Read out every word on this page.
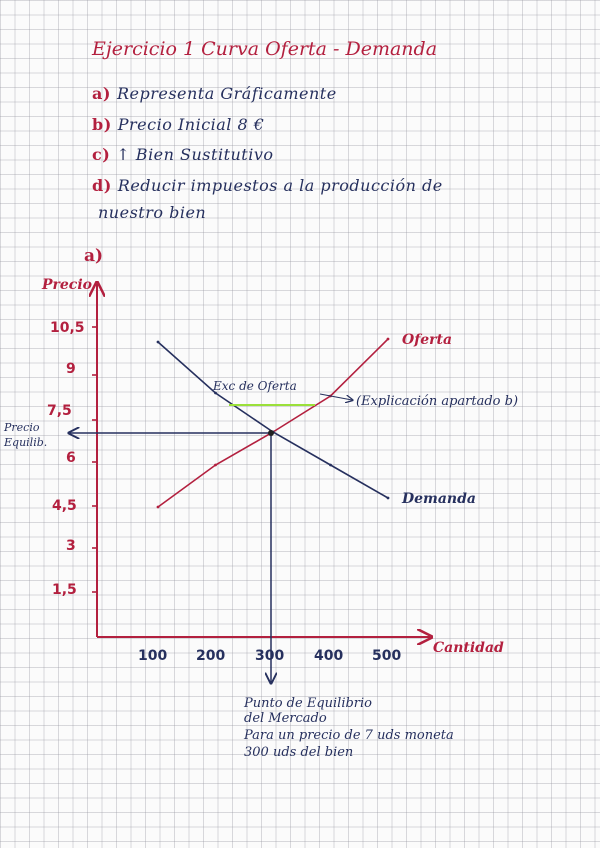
Ejercicio 1 Curva Oferta - Demanda
a) Representa Gráficamente
b) Precio Inicial 8 €
c) ↑ Bien Sustitutivo
d) Reducir impuestos a la producción de
nuestro bien
a)
Precio
Cantidad
10,5
9
7,5
6
4,5
3
1,5
100 200 300 400 500
Oferta
Demanda
Exc de Oferta
(Explicación apartado b)
Precio
Equilib.
Punto de Equilibrio
del Mercado
Para un precio de 7 uds moneta
300 uds del bien
